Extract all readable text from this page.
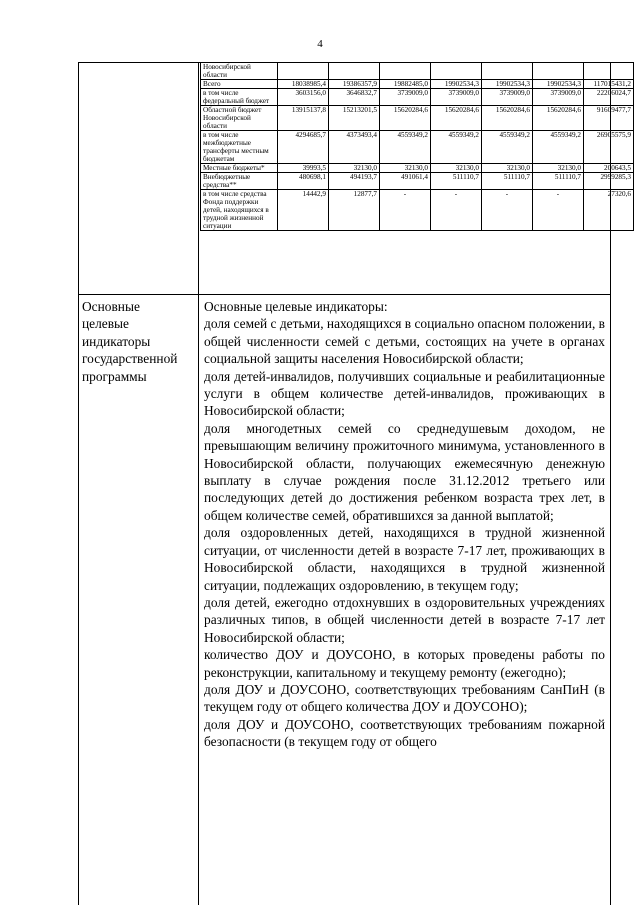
4
Новосибирской области							
Всего	18038985,4	19386357,9	19882485,0	19902534,3	19902534,3	19902534,3	117015431,2
в том числе федеральный бюджет	3603156,0	3646832,7	3739009,0	3739009,0	3739009,0	3739009,0	22206024,7
Областной бюджет Новосибирской области	13915137,8	15213201,5	15620284,6	15620284,6	15620284,6	15620284,6	91609477,7
в том числе межбюджетные трансферты местным бюджетам	4294685,7	4373493,4	4559349,2	4559349,2	4559349,2	4559349,2	26905575,9
Местные бюджеты*	39993,5	32130,0	32130,0	32130,0	32130,0	32130,0	200643,5
Внебюджетные средства**	480698,1	494193,7	491061,4	511110,7	511110,7	511110,7	2999285,3
в том числе средства Фонда поддержки детей, находящихся в трудной жизненной ситуации	14442,9	12877,7	-	-	-	-	27320,6
Основные
целевые
индикаторы
государственной
программы
Основные целевые индикаторы:
доля семей с детьми, находящихся в социально опасном положении, в общей численности семей с детьми, состоящих на учете в органах социальной защиты населения Новосибирской области;
доля детей-инвалидов, получивших социальные и реабилитационные услуги в общем количестве детей-инвалидов, проживающих в Новосибирской области;
доля многодетных семей со среднедушевым доходом, не превышающим величину прожиточного минимума, установленного в Новосибирской области, получающих ежемесячную денежную выплату в случае рождения после 31.12.2012 третьего или последующих детей до достижения ребенком возраста трех лет, в общем количестве семей, обратившихся за данной выплатой;
доля оздоровленных детей, находящихся в трудной жизненной ситуации, от численности детей в возрасте 7-17 лет, проживающих в Новосибирской области, находящихся в трудной жизненной ситуации, подлежащих оздоровлению, в текущем году;
доля детей, ежегодно отдохнувших в оздоровительных учреждениях различных типов, в общей численности детей в возрасте 7-17 лет Новосибирской области;
количество ДОУ и ДОУСОНО, в которых проведены работы по реконструкции, капитальному и текущему ремонту (ежегодно);
доля ДОУ и ДОУСОНО, соответствующих требованиям СанПиН (в текущем году от общего количества ДОУ и ДОУСОНО);
доля ДОУ и ДОУСОНО, соответствующих требованиям пожарной безопасности (в текущем году от общего
